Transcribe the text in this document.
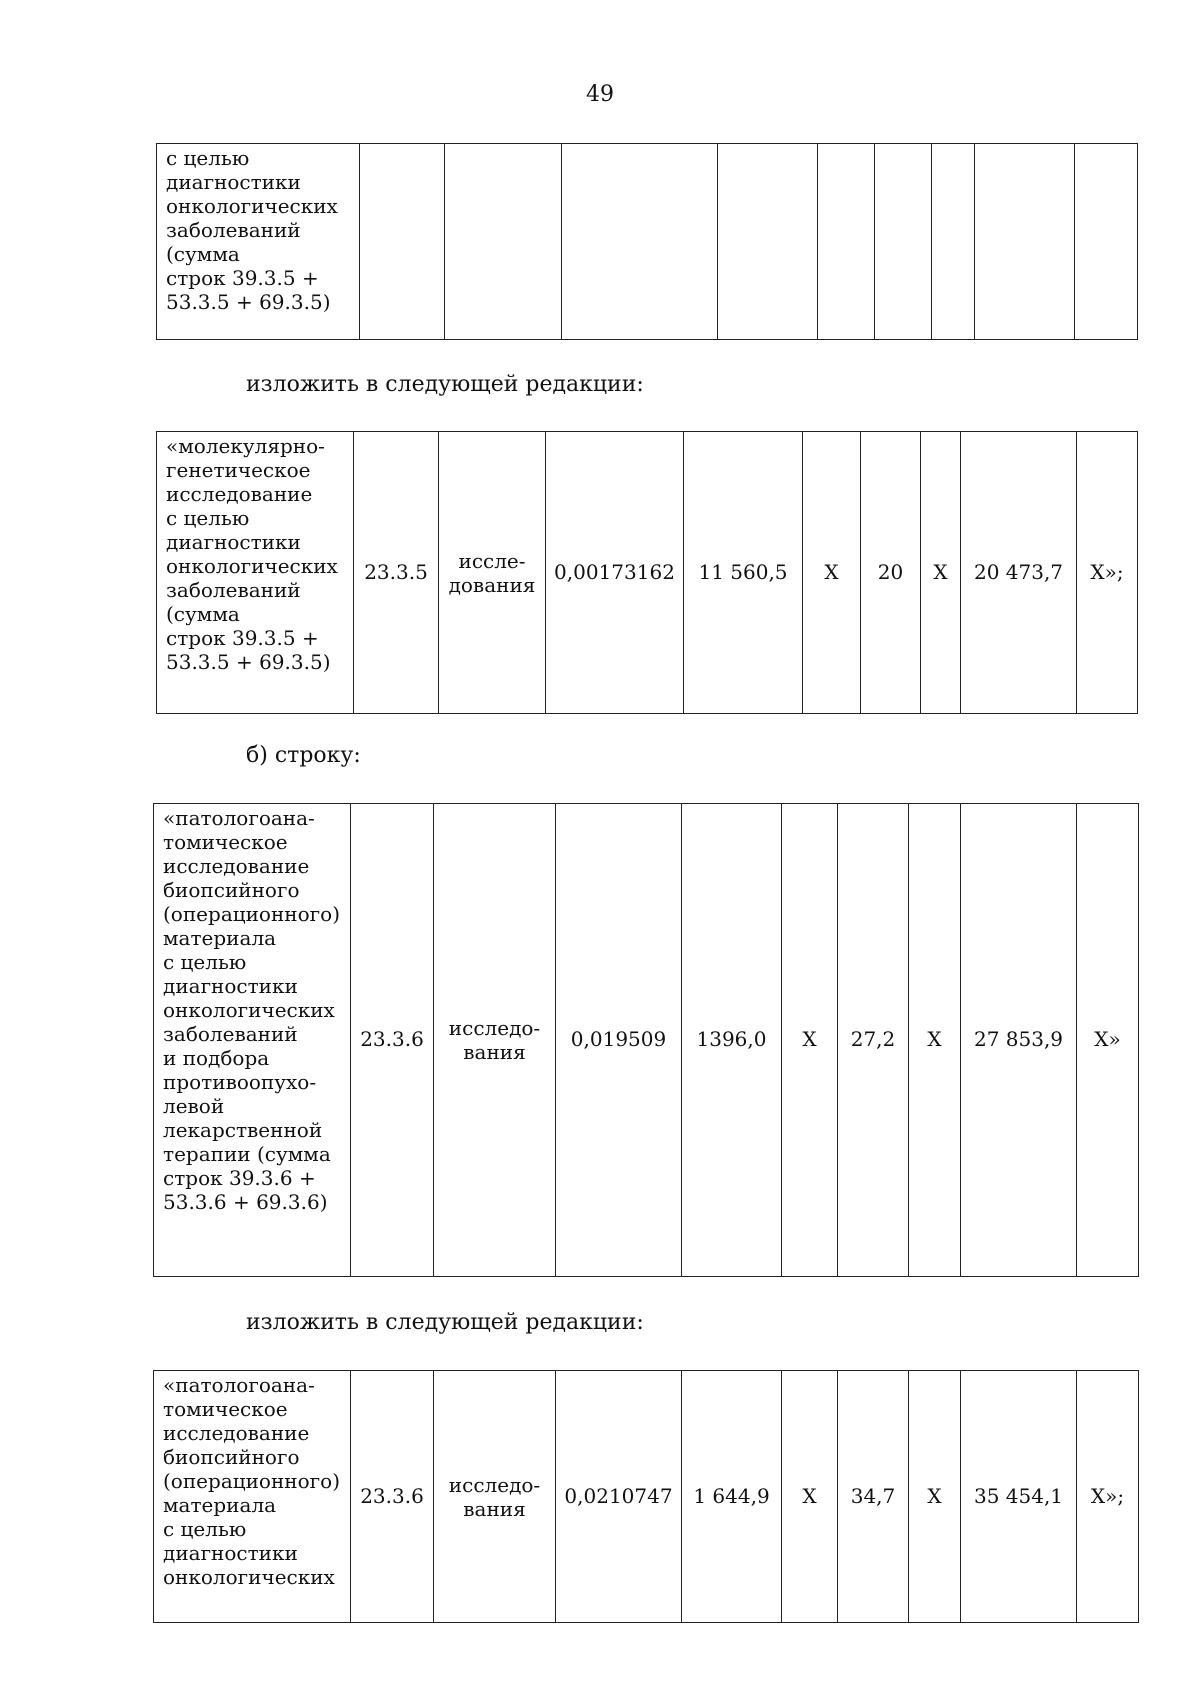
49
с целью
диагностики
онкологических
заболеваний
(сумма
строк 39.3.5 +
53.3.5 + 69.3.5)

изложить в следующей редакции:
«молекулярно-
генетическое
исследование
с целью
диагностики
онкологических
заболеваний
(сумма
строк 39.3.5 +
53.3.5 + 69.3.5)
	23.3.5	иссле-
дования
	0,00173162	11 560,5	Х	20	Х	20 473,7	Х»;
б) строку:
«патологоана-
томическое
исследование
биопсийного
(операционного)
материала
с целью
диагностики
онкологических
заболеваний
и подбора
противоопухо-
левой
лекарственной
терапии (сумма
строк 39.3.6 +
53.3.6 + 69.3.6)
	23.3.6	исследо-
вания
	0,019509	1396,0	Х	27,2	Х	27 853,9	Х»
изложить в следующей редакции:
«патологоана-
томическое
исследование
биопсийного
(операционного)
материала
с целью
диагностики
онкологических
	23.3.6	исследо-
вания
	0,0210747	1 644,9	Х	34,7	Х	35 454,1	Х»;
